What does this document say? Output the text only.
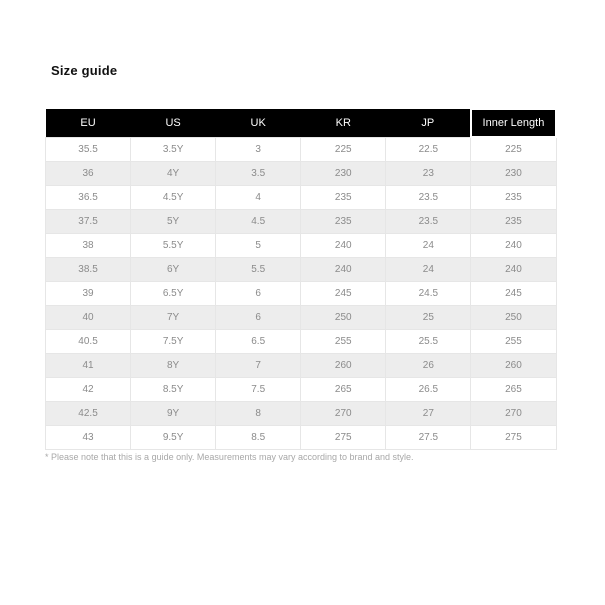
Size guide
EU	US	UK	KR	JP	Inner Length
35.5	3.5Y	3	225	22.5	225
36	4Y	3.5	230	23	230
36.5	4.5Y	4	235	23.5	235
37.5	5Y	4.5	235	23.5	235
38	5.5Y	5	240	24	240
38.5	6Y	5.5	240	24	240
39	6.5Y	6	245	24.5	245
40	7Y	6	250	25	250
40.5	7.5Y	6.5	255	25.5	255
41	8Y	7	260	26	260
42	8.5Y	7.5	265	26.5	265
42.5	9Y	8	270	27	270
43	9.5Y	8.5	275	27.5	275
* Please note that this is a guide only. Measurements may vary according to brand and style.
